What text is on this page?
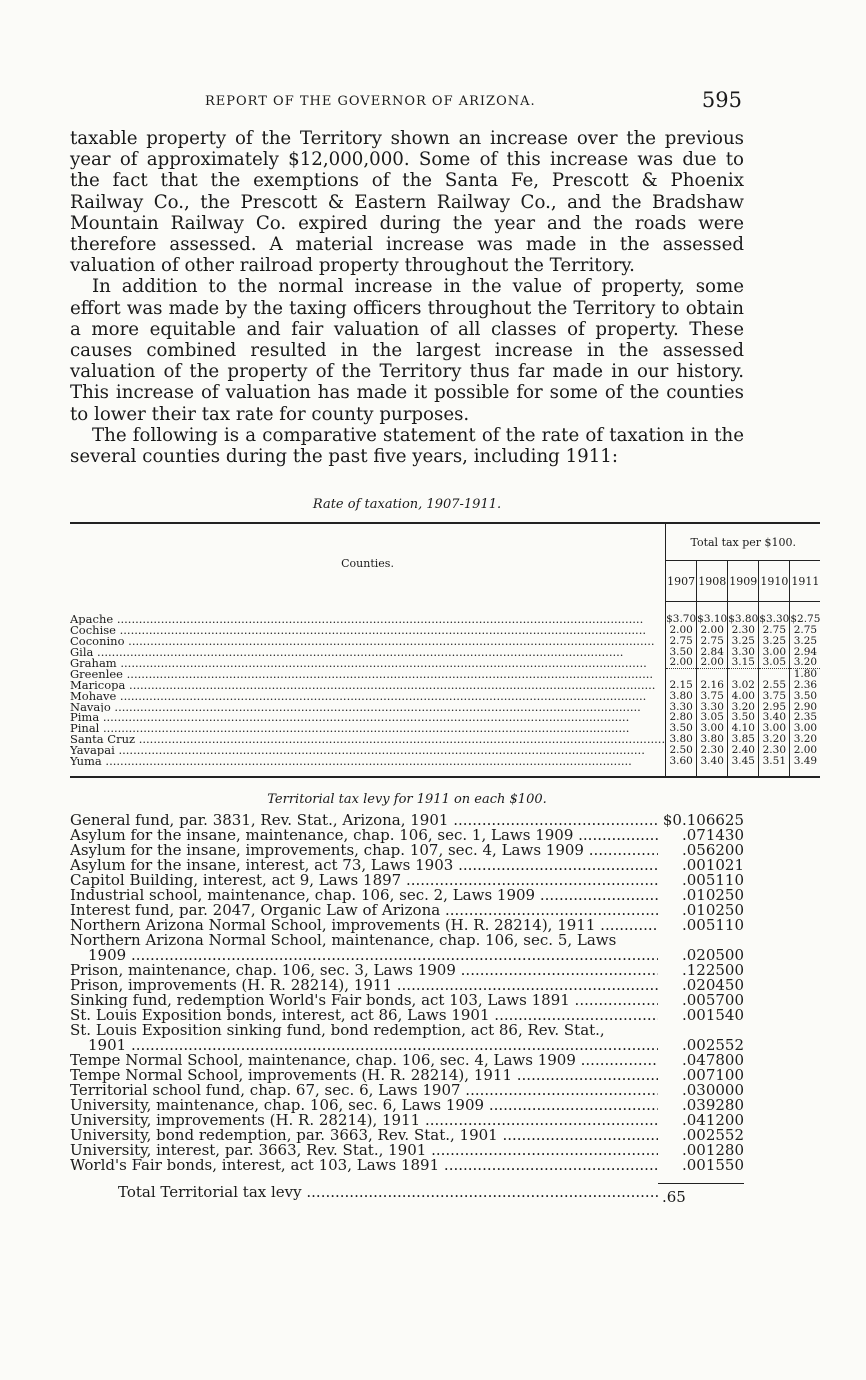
REPORT OF THE GOVERNOR OF ARIZONA.	595

taxable property of the Territory shown an increase over the previous year of approximately $12,000,000. Some of this increase was due to the fact that the exemptions of the Santa Fe, Prescott & Phoenix Railway Co., the Prescott & Eastern Railway Co., and the Bradshaw Mountain Railway Co. expired during the year and the roads were therefore assessed. A material increase was made in the assessed valuation of other railroad property throughout the Territory.

In addition to the normal increase in the value of property, some effort was made by the taxing officers throughout the Territory to obtain a more equitable and fair valuation of all classes of property. These causes combined resulted in the largest increase in the assessed valuation of the property of the Territory thus far made in our history. This increase of valuation has made it possible for some of the counties to lower their tax rate for county purposes.

The following is a comparative statement of the rate of taxation in the several counties during the past five years, including 1911:

Rate of taxation, 1907-1911.
Counties.	Total tax per $100.				
	1907	1908	1909	1910	1911
Apache .....	$3.70	$3.10	$3.80	$3.30	$2.75
Cochise .....	2.00	2.00	2.30	2.75	2.75
Coconino .....	2.75	2.75	3.25	3.25	3.25
Gila .....	3.50	2.84	3.30	3.00	2.94
Graham .....	2.00	2.00	3.15	3.05	3.20
Greenlee .....					1.80
Maricopa .....	2.15	2.16	3.02	2.55	2.36
Mohave .....	3.80	3.75	4.00	3.75	3.50
Navajo .....	3.30	3.30	3.20	2.95	2.90
Pima .....	2.80	3.05	3.50	3.40	2.35
Pinal .....	3.50	3.00	4.10	3.00	3.00
Santa Cruz .....	3.80	3.80	3.85	3.20	3.20
Yavapai .....	2.50	2.30	2.40	2.30	2.00
Yuma .....	3.60	3.40	3.45	3.51	3.49
Territorial tax levy for 1911 on each $100.
General fund, par. 3831, Rev. Stat., Arizona, 1901 .....	$0.106625
Asylum for the insane, maintenance, chap. 106, sec. 1, Laws 1909 .....	.071430
Asylum for the insane, improvements, chap. 107, sec. 4, Laws 1909 .....	.056200
Asylum for the insane, interest, act 73, Laws 1903 .....	.001021
Capitol Building, interest, act 9, Laws 1897 .....	.005110
Industrial school, maintenance, chap. 106, sec. 2, Laws 1909 .....	.010250
Interest fund, par. 2047, Organic Law of Arizona .....	.010250
Northern Arizona Normal School, improvements (H. R. 28214), 1911 .....	.005110
Northern Arizona Normal School, maintenance, chap. 106, sec. 5, Laws
1909 .....	.020500
Prison, maintenance, chap. 106, sec. 3, Laws 1909 .....	.122500
Prison, improvements (H. R. 28214), 1911 .....	.020450
Sinking fund, redemption World's Fair bonds, act 103, Laws 1891 .....	.005700
St. Louis Exposition bonds, interest, act 86, Laws 1901 .....	.001540
St. Louis Exposition sinking fund, bond redemption, act 86, Rev. Stat.,
1901 .....	.002552
Tempe Normal School, maintenance, chap. 106, sec. 4, Laws 1909 .....	.047800
Tempe Normal School, improvements (H. R. 28214), 1911 .....	.007100
Territorial school fund, chap. 67, sec. 6, Laws 1907 .....	.030000
University, maintenance, chap. 106, sec. 6, Laws 1909 .....	.039280
University, improvements (H. R. 28214), 1911 .....	.041200
University, bond redemption, par. 3663, Rev. Stat., 1901 .....	.002552
University, interest, par. 3663, Rev. Stat., 1901 .....	.001280
World's Fair bonds, interest, act 103, Laws 1891 .....	.001550
Total Territorial tax levy .....	.65
